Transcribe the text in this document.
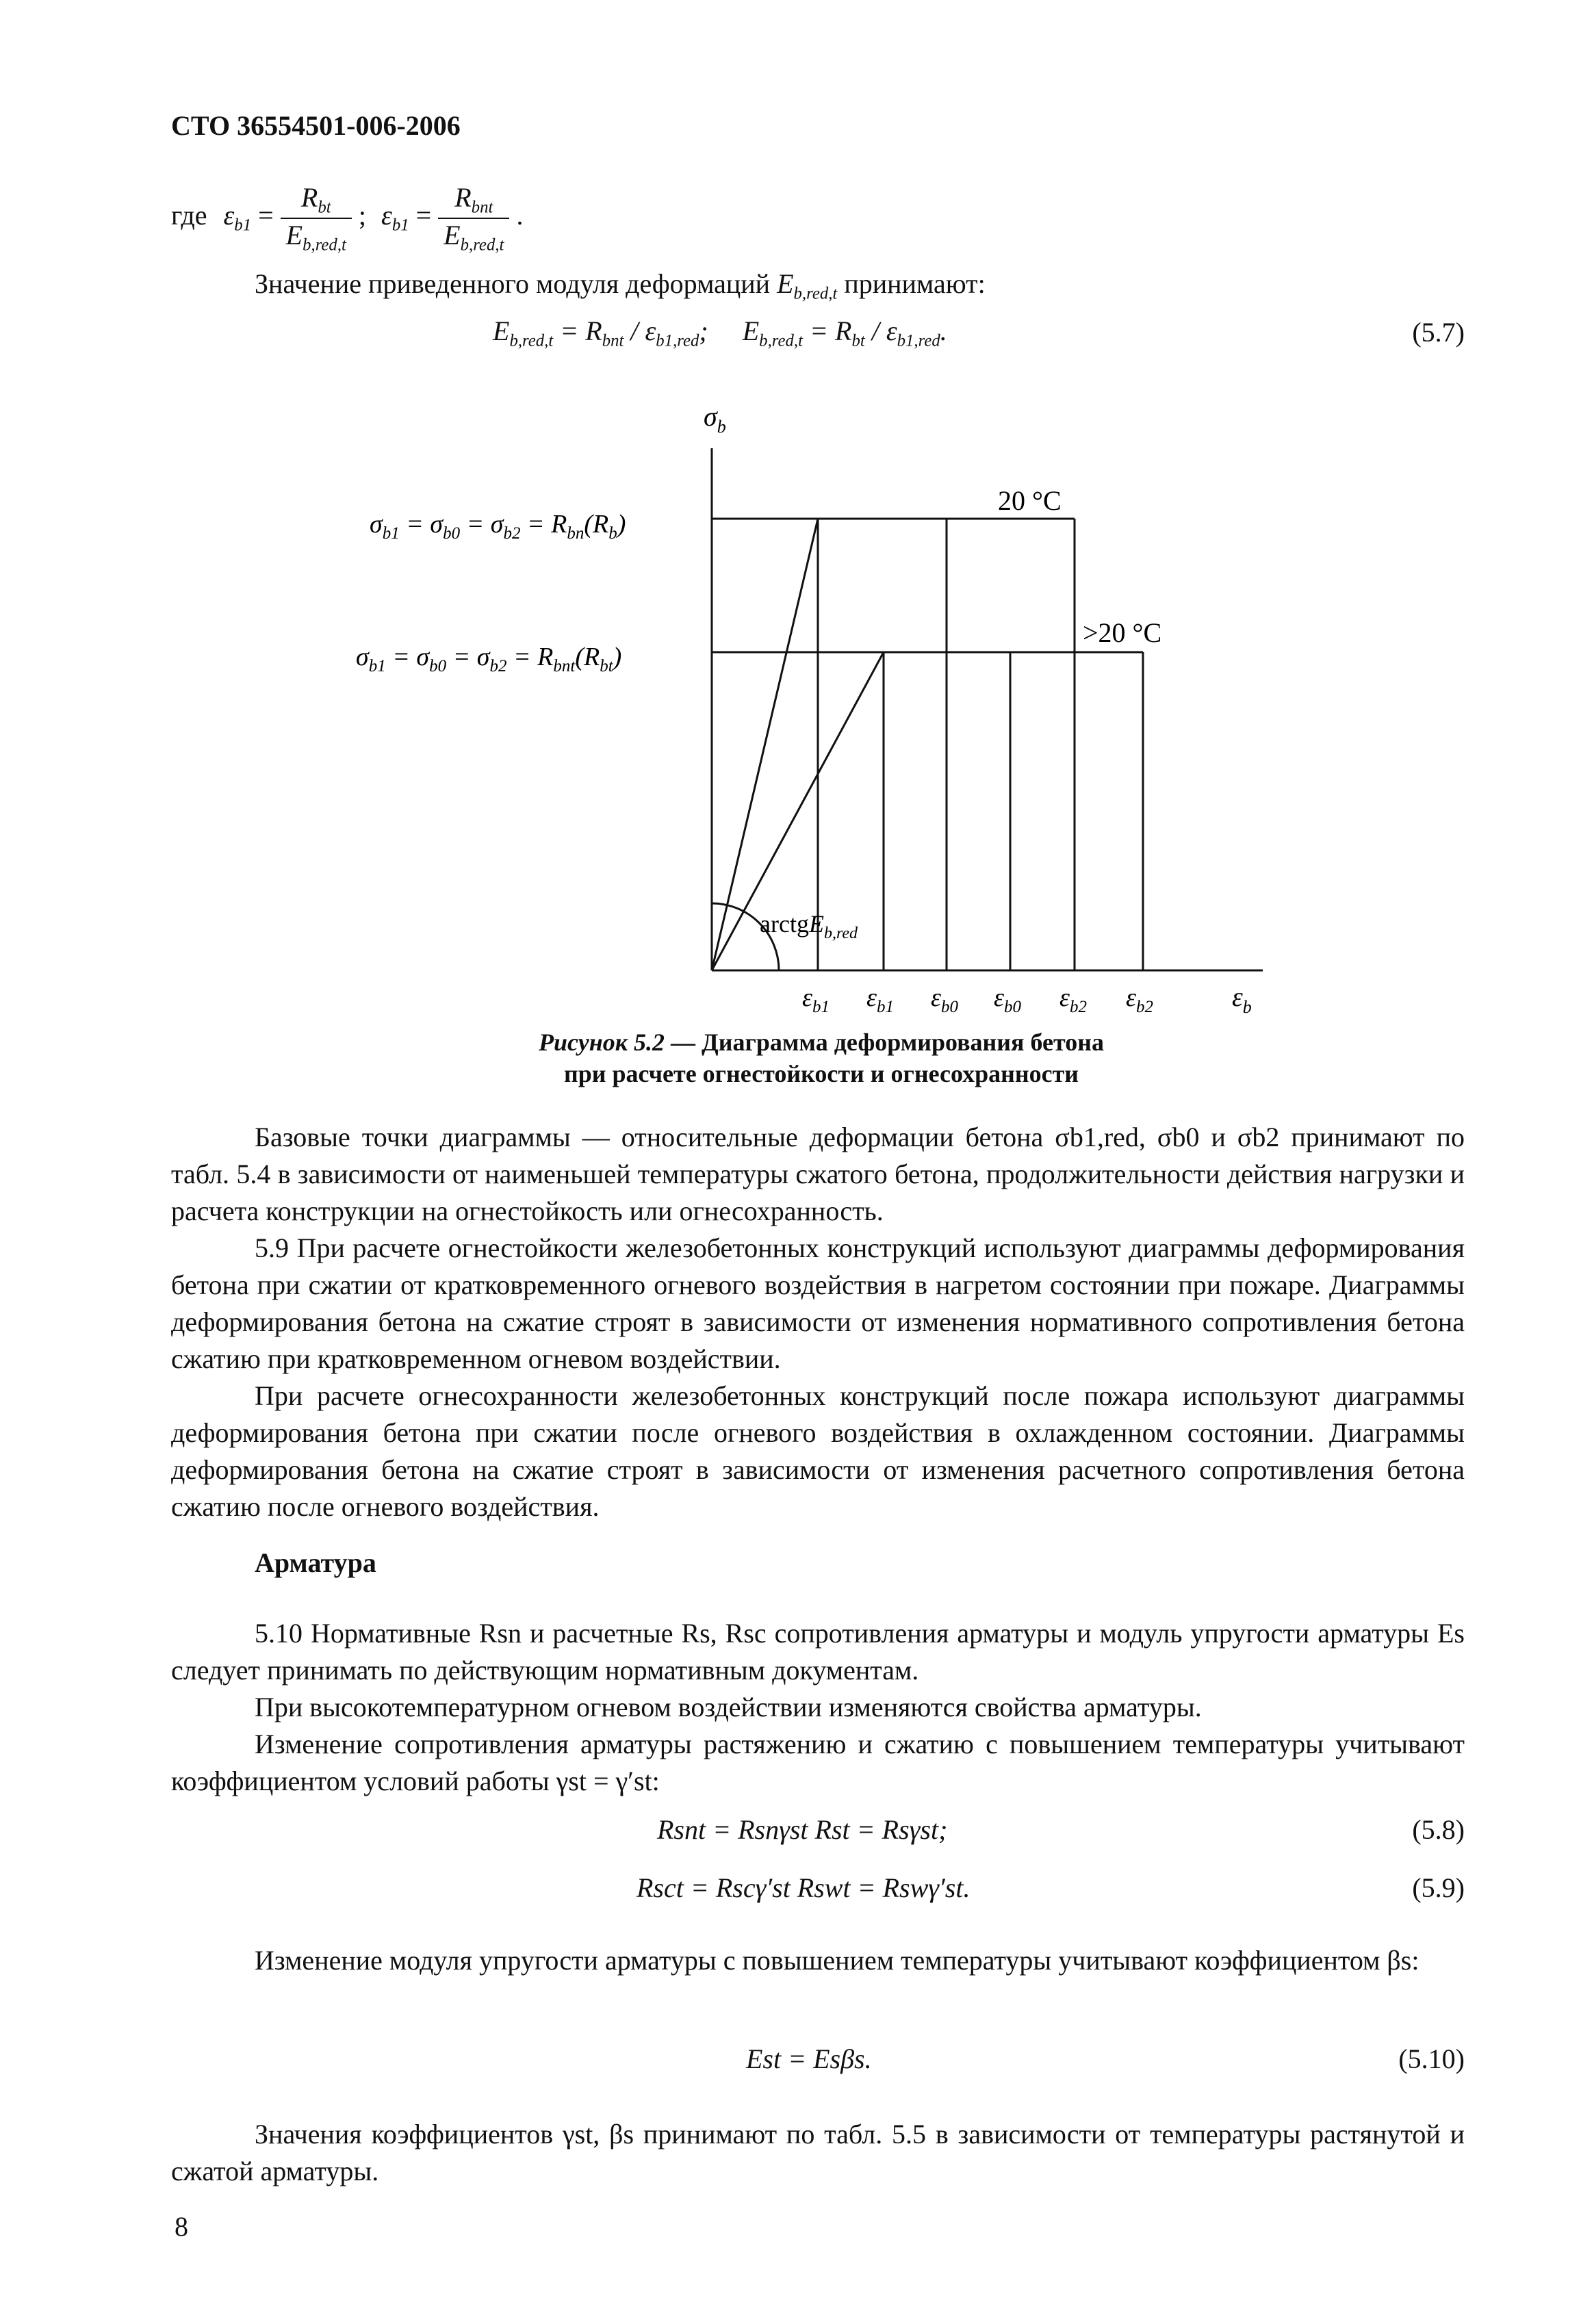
СТО 36554501-006-2006
где $\varepsilon_{b1} = \frac{R_{bt}}{E_{b,red,t}}$ ; $\varepsilon_{b1} = \frac{R_{bnt}}{E_{b,red,t}}$ .
Значение приведенного модуля деформаций $E_{b,red,t}$ принимают:
$E_{b,red,t} = R_{bnt} / \varepsilon_{b1,red}$; $E_{b,red,t} = R_{bt} / \varepsilon_{b1,red}$.	(5.7)
$\sigma_b$
$\varepsilon_b$
20 °С
>20 °С
$\sigma_{b1} = \sigma_{b0} = \sigma_{b2} = R_{bn}(R_b)$
$\sigma_{b1} = \sigma_{b0} = \sigma_{b2} = R_{bnt}(R_{bt})$
arctgE$_{b,red}$
$\varepsilon_{b1}$ $\varepsilon_{b1}$ $\varepsilon_{b0}$ $\varepsilon_{b0}$ $\varepsilon_{b2}$ $\varepsilon_{b2}$
Рисунок 5.2 — Диаграмма деформирования бетона
при расчете огнестойкости и огнесохранности
Базовые точки диаграммы — относительные деформации бетона σb1,red, σb0 и σb2 принимают по табл. 5.4 в зависимости от наименьшей температуры сжатого бетона, продолжительности действия нагрузки и расчета конструкции на огнестойкость или огнесохранность.
5.9 При расчете огнестойкости железобетонных конструкций используют диаграммы деформирования бетона при сжатии от кратковременного огневого воздействия в нагретом состоянии при пожаре. Диаграммы деформирования бетона на сжатие строят в зависимости от изменения нормативного сопротивления бетона сжатию при кратковременном огневом воздействии.
При расчете огнесохранности железобетонных конструкций после пожара используют диаграммы деформирования бетона при сжатии после огневого воздействия в охлажденном состоянии. Диаграммы деформирования бетона на сжатие строят в зависимости от изменения расчетного сопротивления бетона сжатию после огневого воздействия.
Арматура
5.10 Нормативные Rsn и расчетные Rs, Rsc сопротивления арматуры и модуль упругости арматуры Es следует принимать по действующим нормативным документам.
При высокотемпературном огневом воздействии изменяются свойства арматуры.
Изменение сопротивления арматуры растяжению и сжатию с повышением температуры учитывают коэффициентом условий работы γst = γ′st:
Rsnt = Rsnγst Rst = Rsγst;	(5.8)
Rsct = Rscγ′st Rswt = Rswγ′st.	(5.9)
Изменение модуля упругости арматуры с повышением температуры учитывают коэффициентом βs:
Est = Esβs.	(5.10)
Значения коэффициентов γst, βs принимают по табл. 5.5 в зависимости от температуры растянутой и сжатой арматуры.
8
